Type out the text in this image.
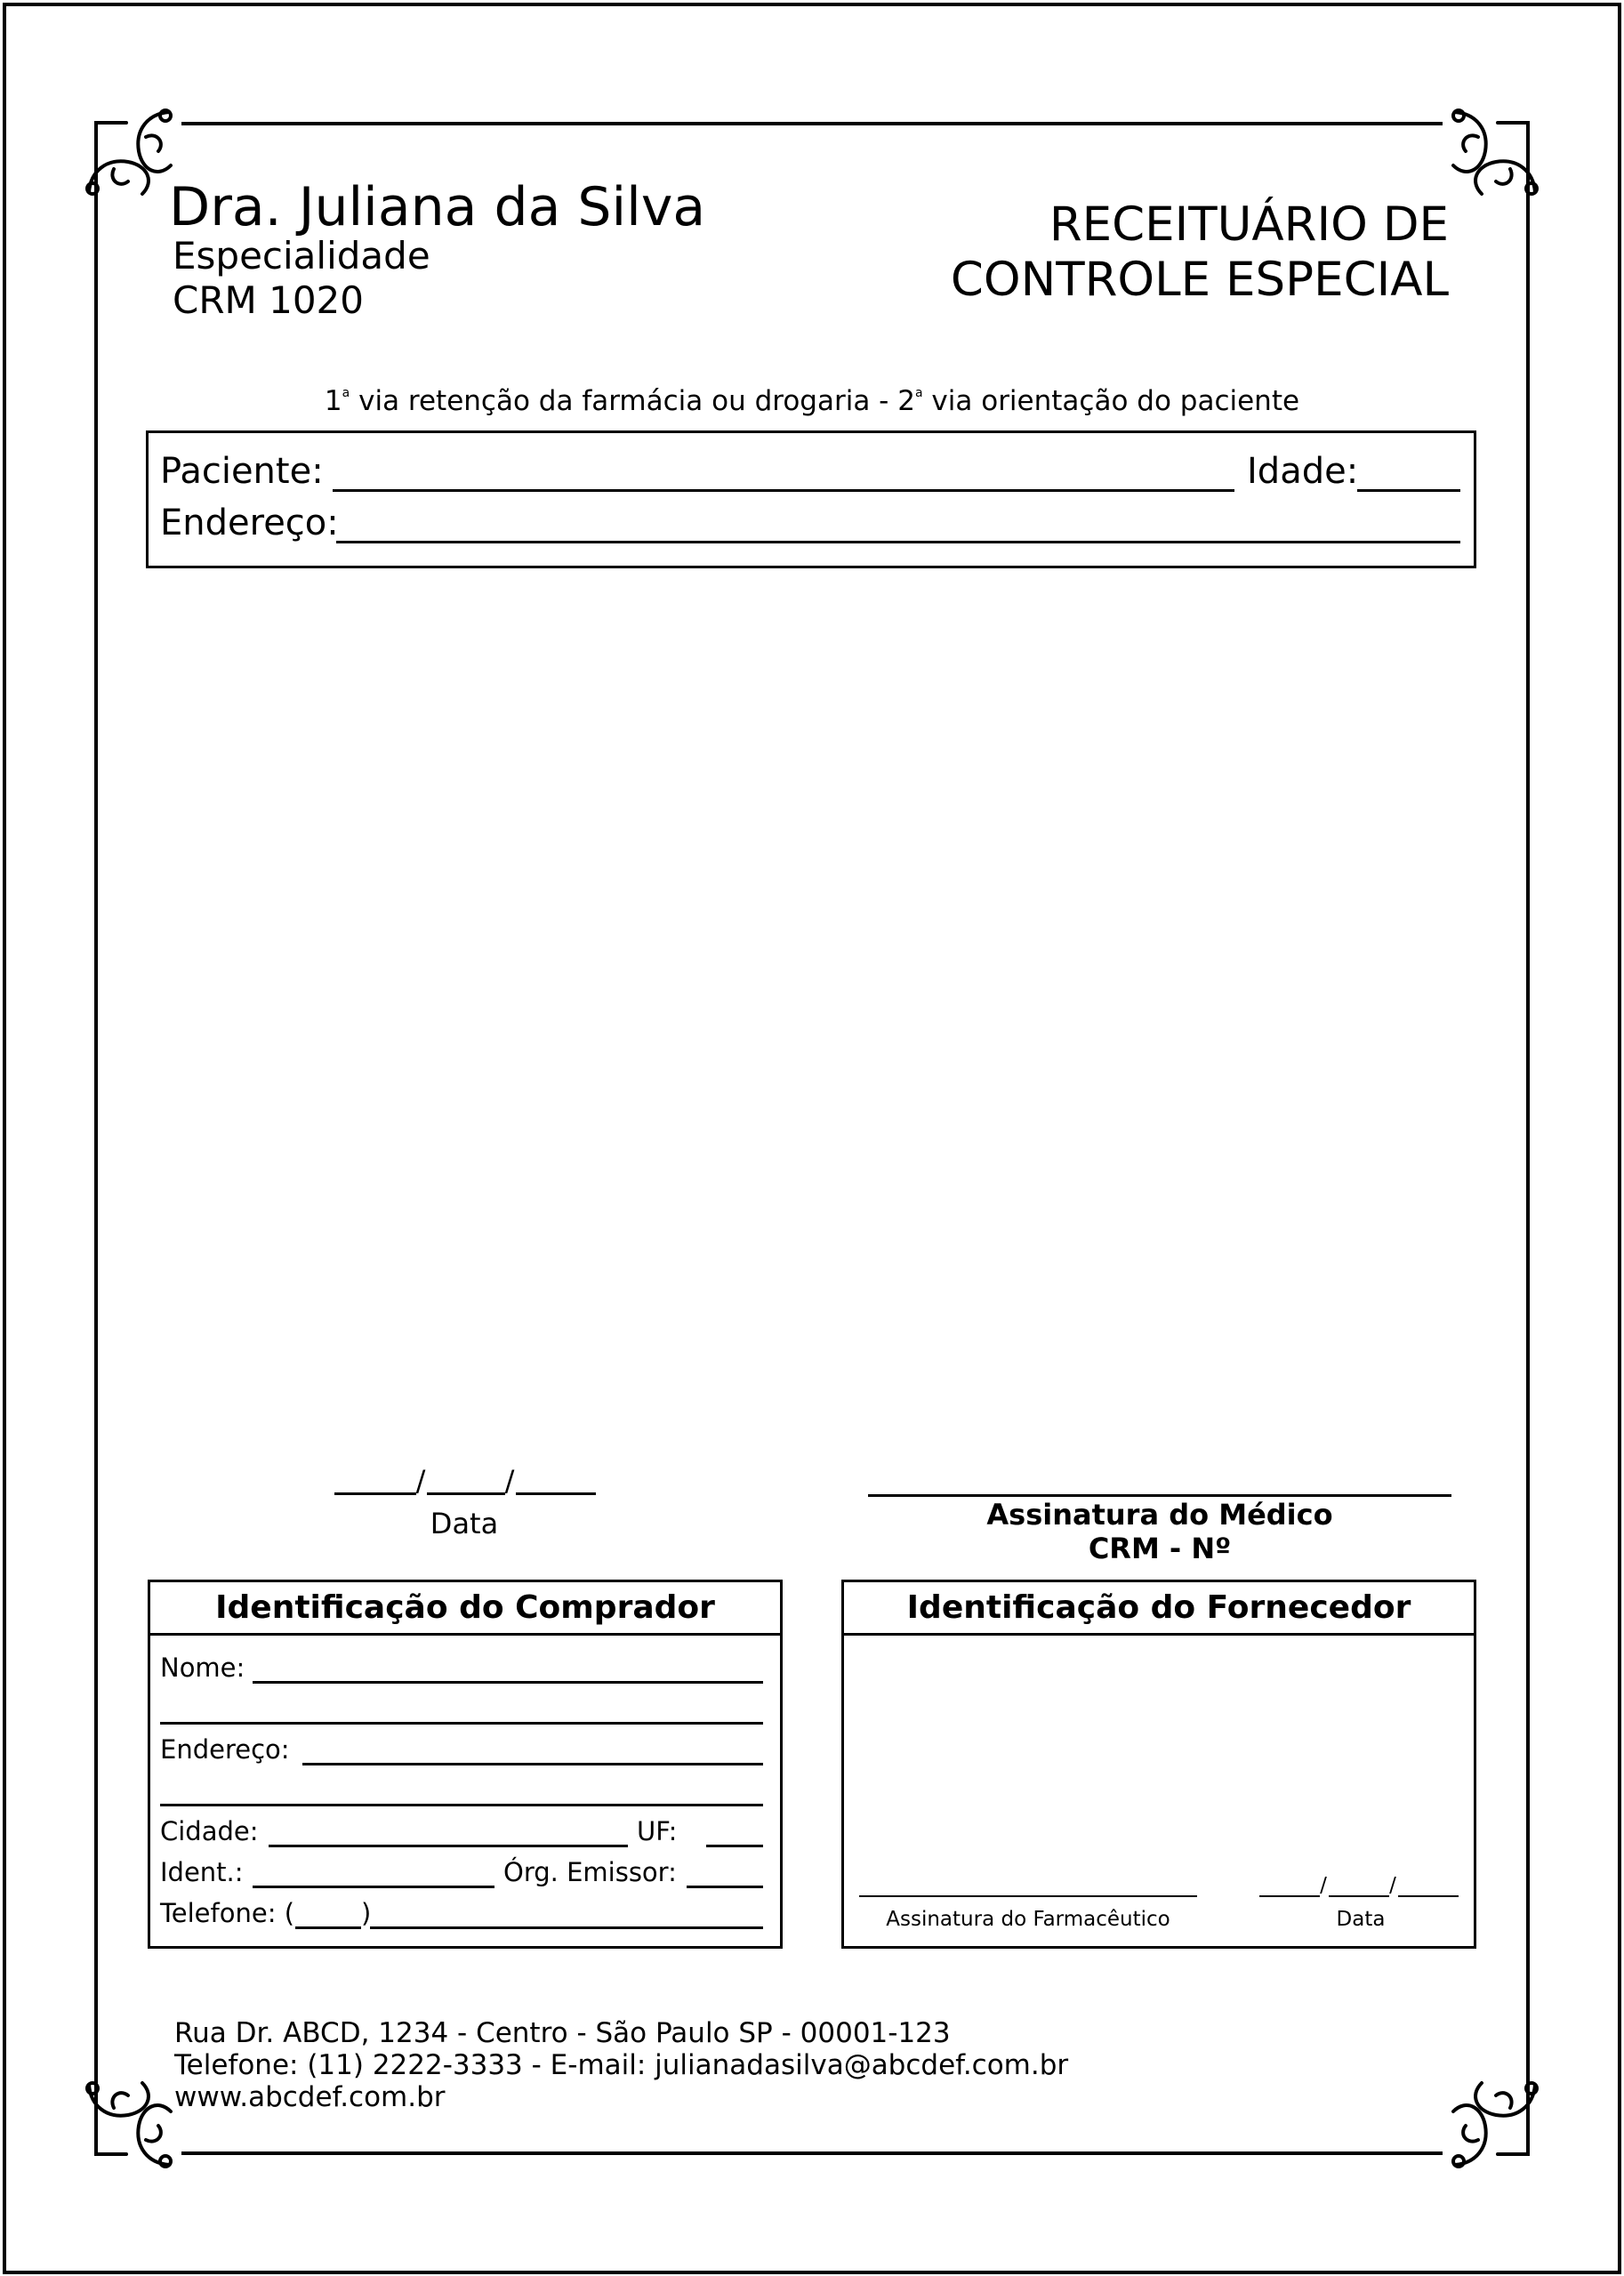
Dra. Juliana da Silva
Especialidade
CRM 1020
RECEITUÁRIO DE
CONTROLE ESPECIAL
1$^a$ via retenção da farmácia ou drogaria - 2$^a$ via orientação do paciente
Paciente:	Idade:
Endereço:
/	/
Data	Assinatura do Médico
CRM - Nº
Identificação do Comprador
Nome:
Endereço:
Cidade:	UF:
Ident.:	Órg. Emissor:
Telefone: (	)
Identificação do Fornecedor
Assinatura do Farmacêutico
/	/
Data
Rua Dr. ABCD, 1234 - Centro - São Paulo SP - 00001-123
Telefone: (11) 2222-3333 - E-mail: julianadasilva@abcdef.com.br
www.abcdef.com.br
